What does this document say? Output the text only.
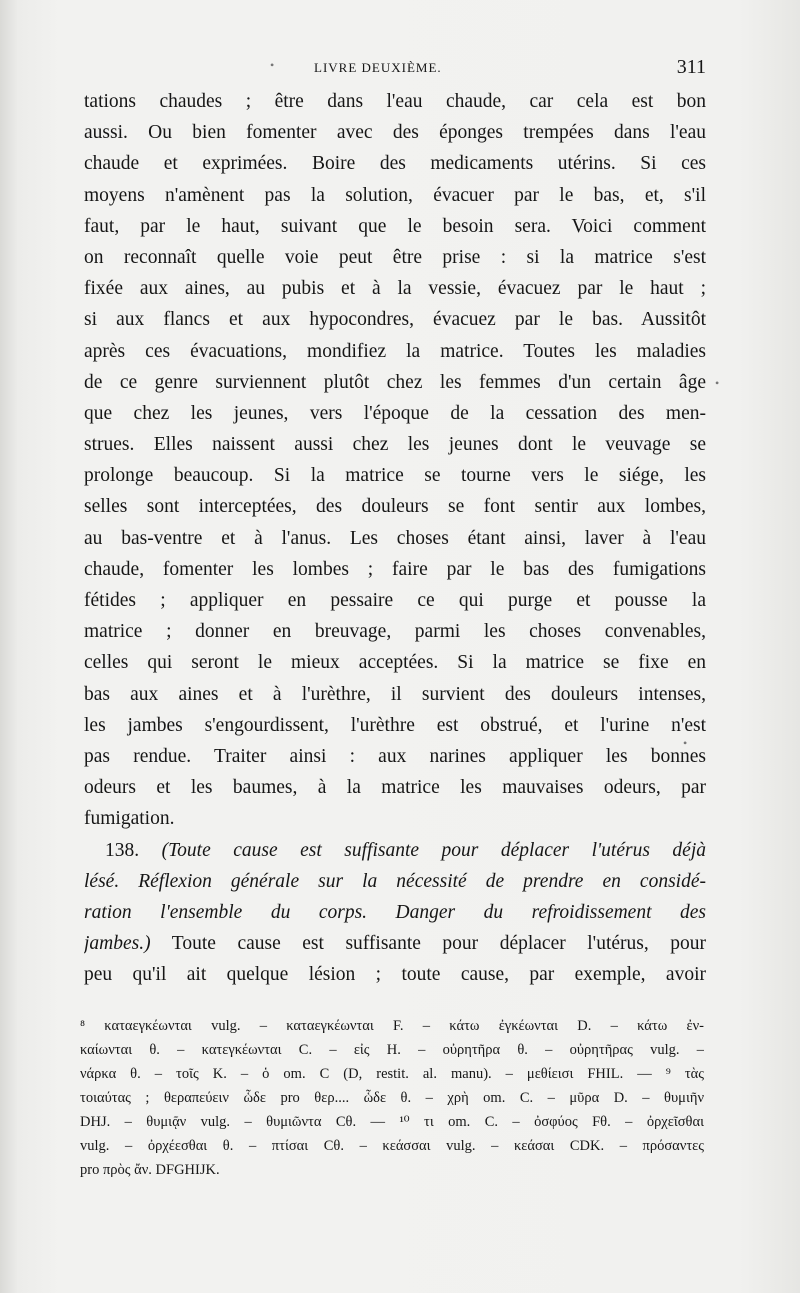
LIVRE DEUXIÈME.	311
tations chaudes ; être dans l'eau chaude, car cela est bon
aussi. Ou bien fomenter avec des éponges trempées dans l'eau
chaude et exprimées. Boire des medicaments utérins. Si ces
moyens n'amènent pas la solution, évacuer par le bas, et, s'il
faut, par le haut, suivant que le besoin sera. Voici comment
on reconnaît quelle voie peut être prise : si la matrice s'est
fixée aux aines, au pubis et à la vessie, évacuez par le haut ;
si aux flancs et aux hypocondres, évacuez par le bas. Aussitôt
après ces évacuations, mondifiez la matrice. Toutes les maladies
de ce genre surviennent plutôt chez les femmes d'un certain âge
que chez les jeunes, vers l'époque de la cessation des men-
strues. Elles naissent aussi chez les jeunes dont le veuvage se
prolonge beaucoup. Si la matrice se tourne vers le siége, les
selles sont interceptées, des douleurs se font sentir aux lombes,
au bas-ventre et à l'anus. Les choses étant ainsi, laver à l'eau
chaude, fomenter les lombes ; faire par le bas des fumigations
fétides ; appliquer en pessaire ce qui purge et pousse la
matrice ; donner en breuvage, parmi les choses convenables,
celles qui seront le mieux acceptées. Si la matrice se fixe en
bas aux aines et à l'urèthre, il survient des douleurs intenses,
les jambes s'engourdissent, l'urèthre est obstrué, et l'urine n'est
pas rendue. Traiter ainsi : aux narines appliquer les bonnes
odeurs et les baumes, à la matrice les mauvaises odeurs, par
fumigation.
138. (Toute cause est suffisante pour déplacer l'utérus déjà
lésé. Réflexion générale sur la nécessité de prendre en considé-
ration l'ensemble du corps. Danger du refroidissement des
jambes.) Toute cause est suffisante pour déplacer l'utérus, pour
peu qu'il ait quelque lésion ; toute cause, par exemple, avoir
⁸ καταεγκέωνται vulg. – καταεγκέωνται F. – κάτω ἐγκέωνται D. – κάτω ἐν-
καίωνται θ. – κατεγκέωνται C. – εἰς H. – οὐρητῆρα θ. – οὐρητῆρας vulg. –
νάρκα θ. – τοῖς K. – ὁ om. C (D, restit. al. manu). – μεθίεισι FHIL. — ⁹ τὰς
τοιαύτας ; θεραπεύειν ὧδε pro θερ.... ὧδε θ. – χρὴ om. C. – μῦρα D. – θυμιῆν
DHJ. – θυμιᾷν vulg. – θυμιῶντα Cθ. — ¹⁰ τι om. C. – ὀσφύος Fθ. – ὀρχεῖσθαι
vulg. – ὀρχέεσθαι θ. – πτίσαι Cθ. – κεάσσαι vulg. – κεάσαι CDK. – πρόσαντες
pro πρὸς ἄν. DFGHIJK.
•
•
•
